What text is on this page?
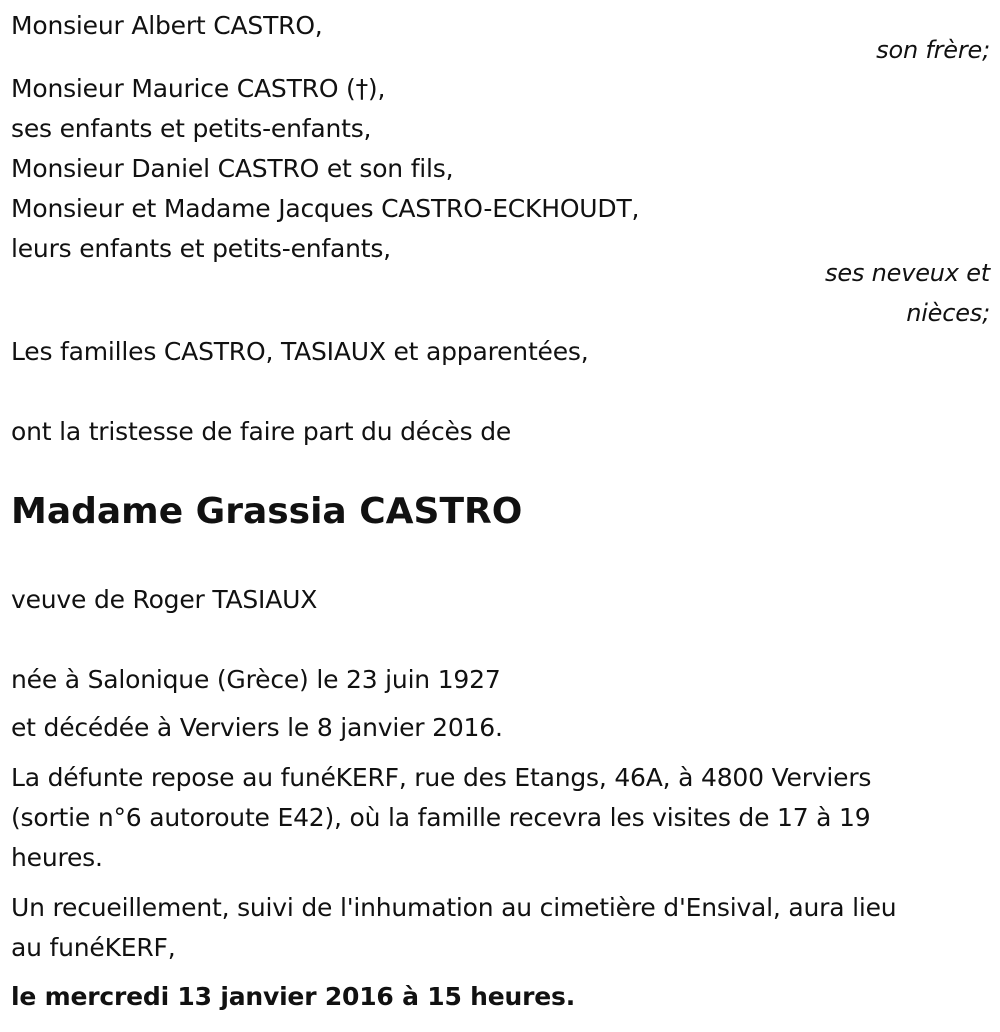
Monsieur Albert CASTRO,
son frère;
Monsieur Maurice CASTRO (†),
ses enfants et petits-enfants,
Monsieur Daniel CASTRO et son fils,
Monsieur et Madame Jacques CASTRO-ECKHOUDT,
leurs enfants et petits-enfants,
ses neveux et
nièces;
Les familles CASTRO, TASIAUX et apparentées,
ont la tristesse de faire part du décès de
Madame Grassia CASTRO
veuve de Roger TASIAUX
née à Salonique (Grèce) le 23 juin 1927
et décédée à Verviers le 8 janvier 2016.
La défunte repose au funéKERF, rue des Etangs, 46A, à 4800 Verviers
(sortie n°6 autoroute E42), où la famille recevra les visites de 17 à 19
heures.
Un recueillement, suivi de l'inhumation au cimetière d'Ensival, aura lieu
au funéKERF,
le mercredi 13 janvier 2016 à 15 heures.
